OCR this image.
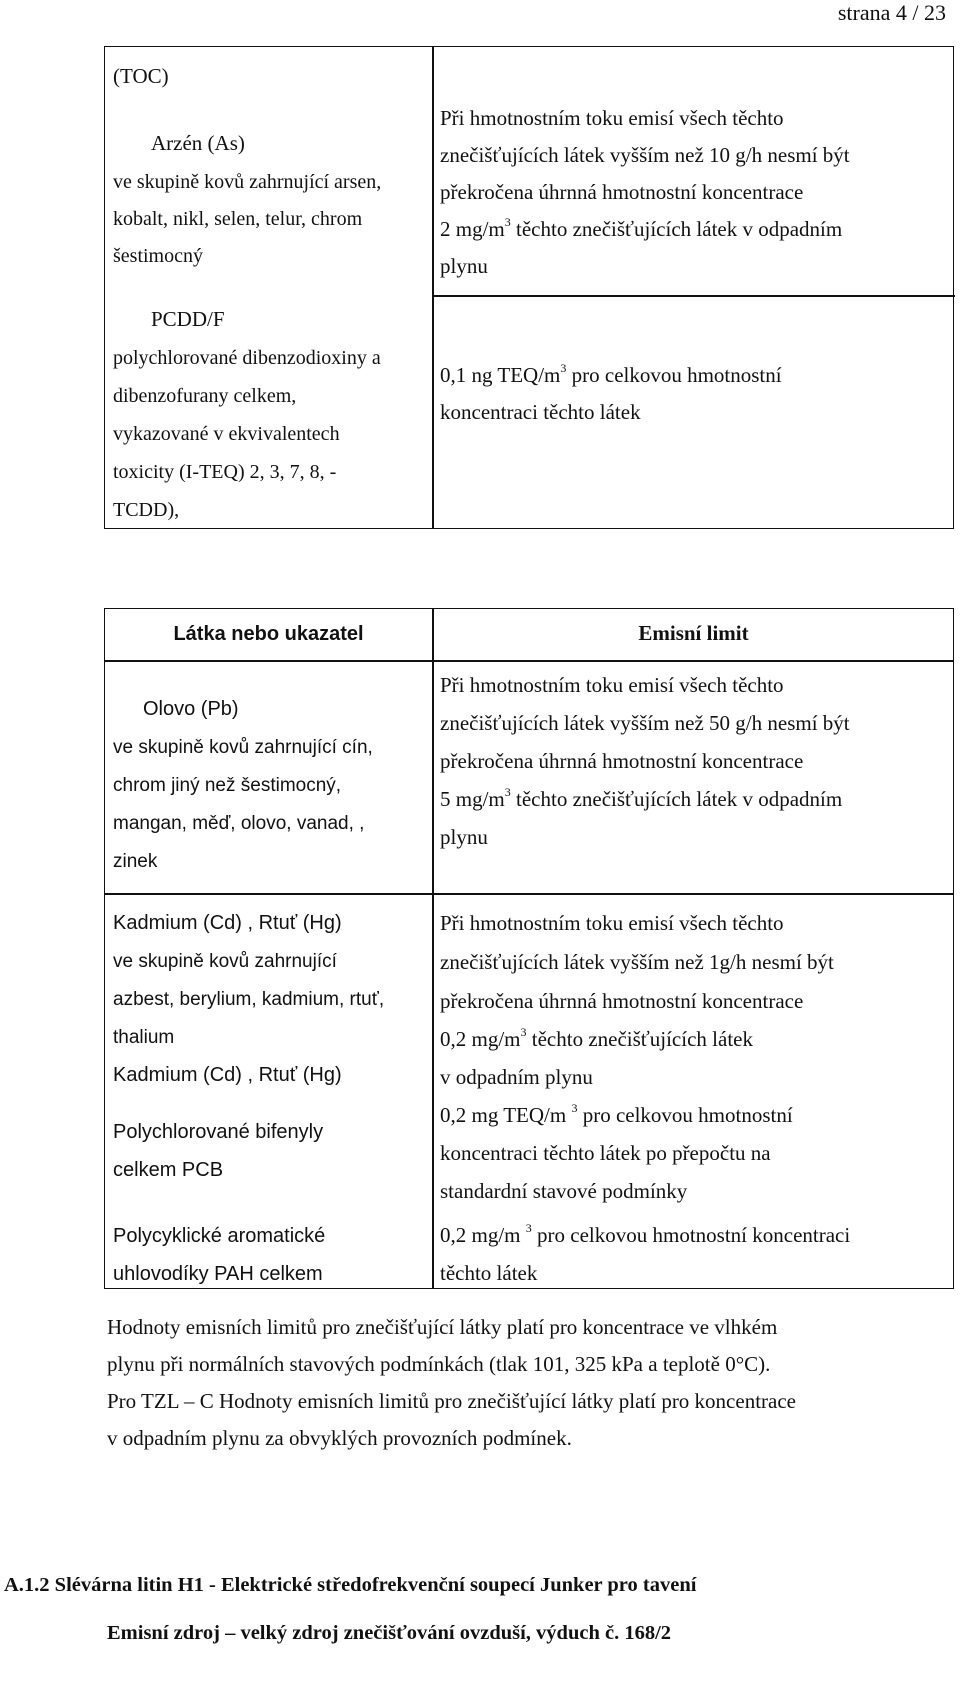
strana 4 / 23
(TOC)
Arzén (As)
ve skupině kovů zahrnující arsen,
kobalt, nikl, selen, telur, chrom
šestimocný
PCDD/F
polychlorované dibenzodioxiny a
dibenzofurany celkem,
vykazované v ekvivalentech
toxicity (I-TEQ) 2, 3, 7, 8, -
TCDD),
Při hmotnostním toku emisí všech těchto
znečišťujících látek vyšším než 10 g/h nesmí být
překročena úhrnná hmotnostní koncentrace
2 $mg/m^3$ těchto znečišťujících látek v odpadním
plynu
0,1 ng TEQ/$m^3$ pro celkovou hmotnostní
koncentraci těchto látek
Látka nebo ukazatel	Emisní limit
Olovo (Pb)
ve skupině kovů zahrnující cín,
chrom jiný než šestimocný,
mangan, měď, olovo, vanad, ,
zinek
Při hmotnostním toku emisí všech těchto
znečišťujících látek vyšším než 50 g/h nesmí být
překročena úhrnná hmotnostní koncentrace
5 $mg/m^3$ těchto znečišťujících látek v odpadním
plynu
Kadmium (Cd) , Rtuť (Hg)
ve skupině kovů zahrnující
azbest, berylium, kadmium, rtuť,
thalium
Kadmium (Cd) , Rtuť (Hg)
Při hmotnostním toku emisí všech těchto
znečišťujících látek vyšším než 1g/h nesmí být
překročena úhrnná hmotnostní koncentrace
0,2 $mg/m^3$ těchto znečišťujících látek
v odpadním plynu
Polychlorované bifenyly
celkem PCB
0,2 mg TEQ/m $^3$ pro celkovou hmotnostní
koncentraci těchto látek po přepočtu na
standardní stavové podmínky
Polycyklické aromatické
uhlovodíky PAH celkem
0,2 mg/m $^3$ pro celkovou hmotnostní koncentraci
těchto látek
Hodnoty emisních limitů pro znečišťující látky platí pro koncentrace ve vlhkém
plynu při normálních stavových podmínkách (tlak 101, 325 kPa a teplotě 0°C).
Pro TZL – C Hodnoty emisních limitů pro znečišťující látky platí pro koncentrace
v odpadním plynu za obvyklých provozních podmínek.
A.1.2 Slévárna litin H1 - Elektrické středofrekvenční soupecí Junker pro tavení
Emisní zdroj – velký zdroj znečišťování ovzduší, výduch č. 168/2
